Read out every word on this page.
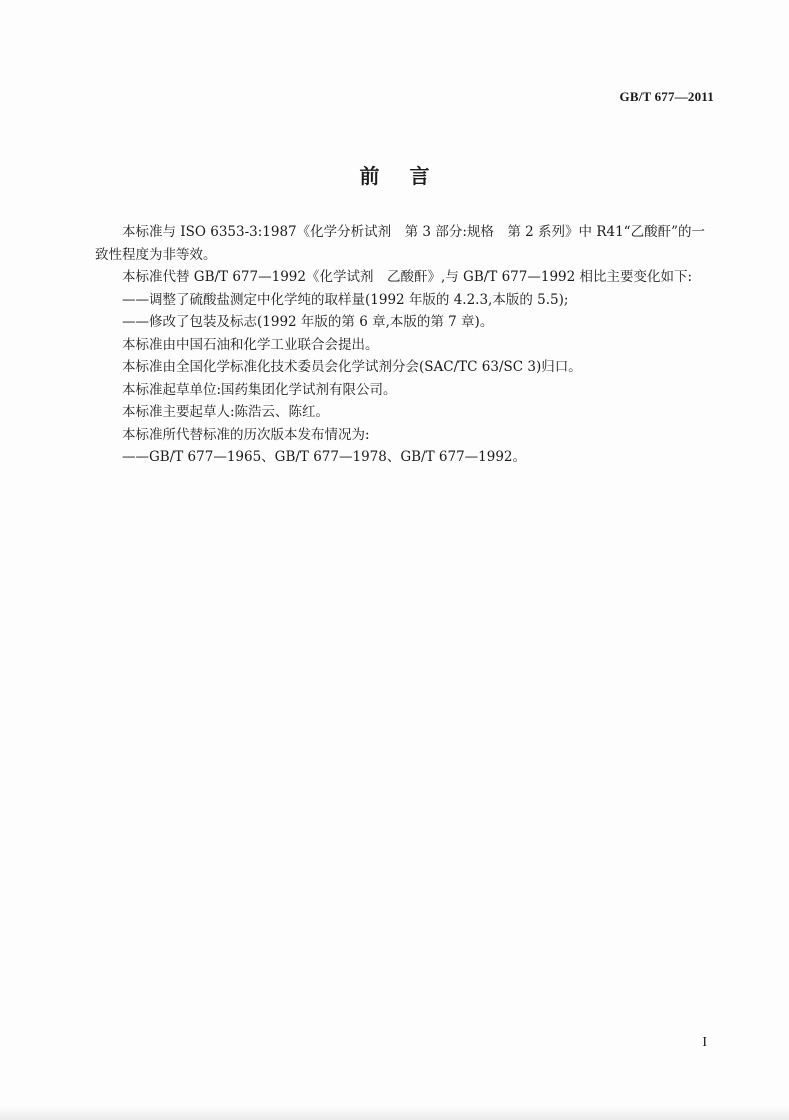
GB/T 677—2011
前言

本标准与 ISO 6353-3:1987《化学分析试剂　第 3 部分:规格　第 2 系列》中 R41“乙酸酐”的一致性程度为非等效。

本标准代替 GB/T 677—1992《化学试剂　乙酸酐》,与 GB/T 677—1992 相比主要变化如下:

——调整了硫酸盐测定中化学纯的取样量(1992 年版的 4.2.3,本版的 5.5);

——修改了包装及标志(1992 年版的第 6 章,本版的第 7 章)。

本标准由中国石油和化学工业联合会提出。

本标准由全国化学标准化技术委员会化学试剂分会(SAC/TC 63/SC 3)归口。

本标准起草单位:国药集团化学试剂有限公司。

本标准主要起草人:陈浩云、陈红。

本标准所代替标准的历次版本发布情况为:

——GB/T 677—1965、GB/T 677—1978、GB/T 677—1992。

I
